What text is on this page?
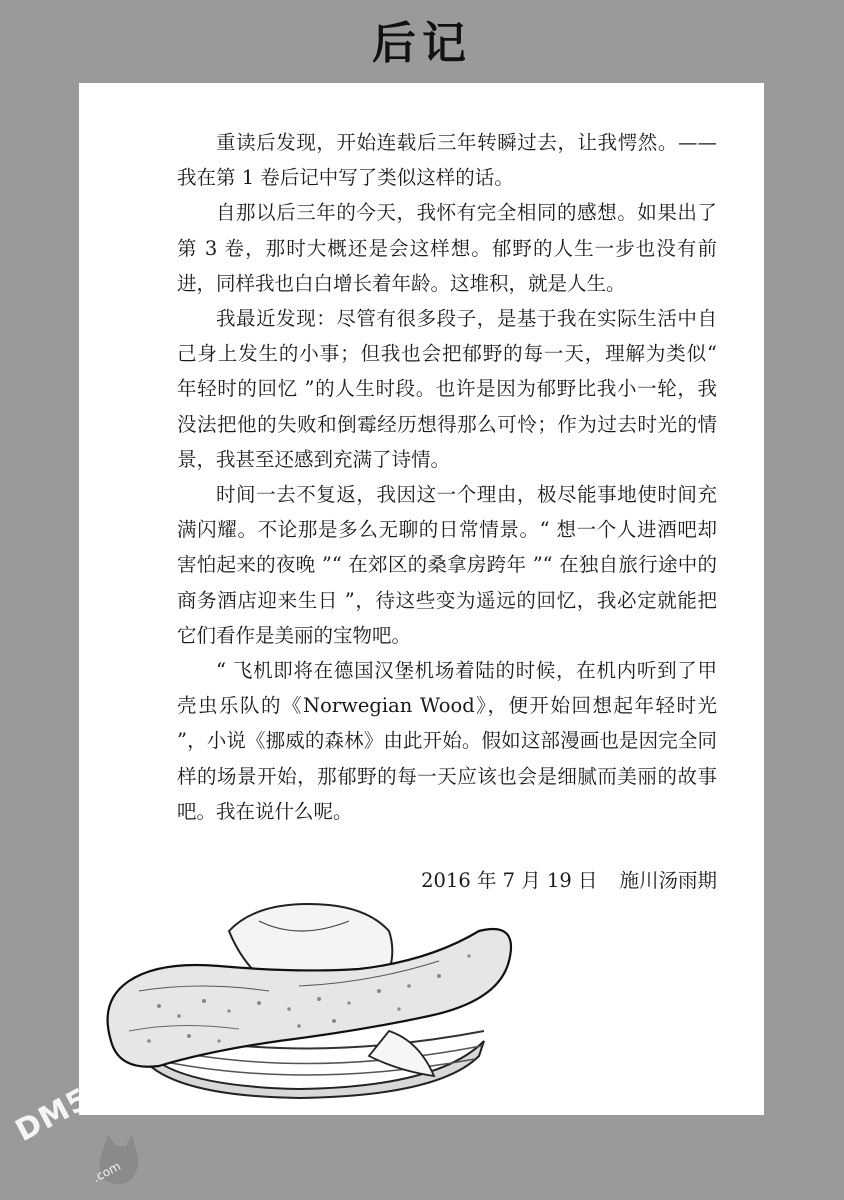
后记

重读后发现，开始连载后三年转瞬过去，让我愕然。——我在第 1 卷后记中写了类似这样的话。

自那以后三年的今天，我怀有完全相同的感想。如果出了第 3 卷，那时大概还是会这样想。郁野的人生一步也没有前进，同样我也白白增长着年龄。这堆积，就是人生。

我最近发现：尽管有很多段子，是基于我在实际生活中自己身上发生的小事；但我也会把郁野的每一天，理解为类似“ 年轻时的回忆 ”的人生时段。也许是因为郁野比我小一轮，我没法把他的失败和倒霉经历想得那么可怜；作为过去时光的情景，我甚至还感到充满了诗情。

时间一去不复返，我因这一个理由，极尽能事地使时间充满闪耀。不论那是多么无聊的日常情景。“ 想一个人进酒吧却害怕起来的夜晚 ”“ 在郊区的桑拿房跨年 ”“ 在独自旅行途中的商务酒店迎来生日 ”，待这些变为遥远的回忆，我必定就能把它们看作是美丽的宝物吧。

“ 飞机即将在德国汉堡机场着陆的时候，在机内听到了甲壳虫乐队的《Norwegian Wood》，便开始回想起年轻时光 ”，小说《挪威的森林》由此开始。假如这部漫画也是因完全同样的场景开始，那郁野的每一天应该也会是细腻而美丽的故事吧。我在说什么呢。

2016 年 7 月 19 日 施川汤雨期
DM5
.com
